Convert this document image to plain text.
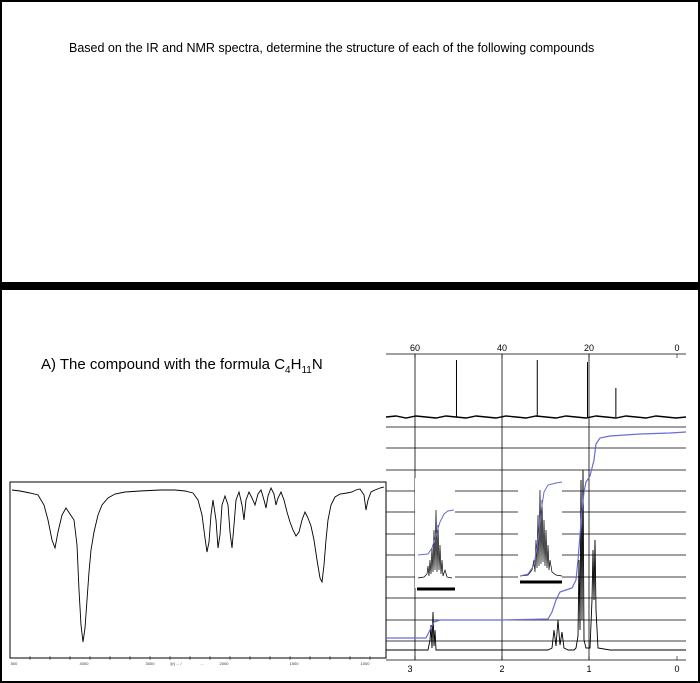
Based on the IR and NMR spectra, determine the structure of each of the following compounds
A) The compound with the formula $C_4H_{11}N$
4000	3000	[ir] ... /	...	2000	1500	1000
500
60	40	20	0
3	2	1	0
